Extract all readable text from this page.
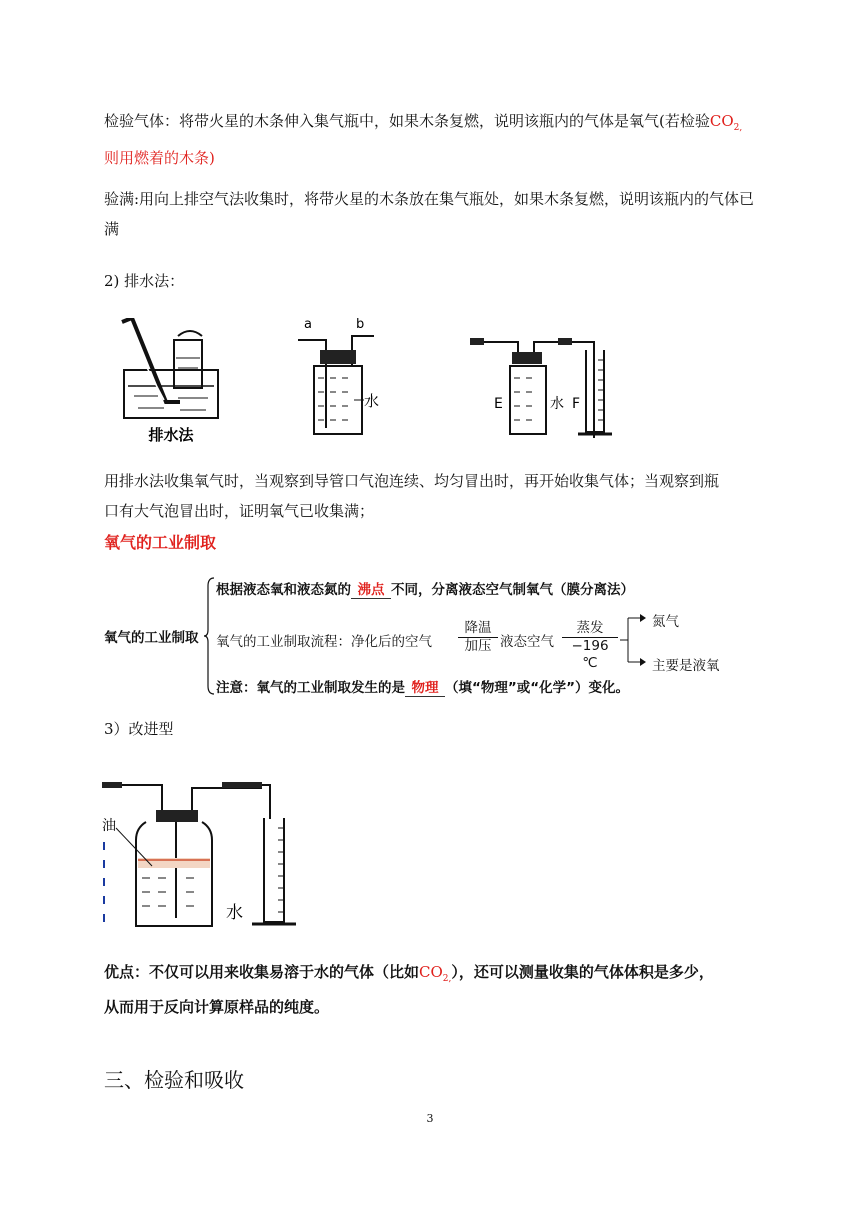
检验气体：将带火星的木条伸入集气瓶中，如果木条复燃，说明该瓶内的气体是氧气(若检验$CO_{2,}$
则用燃着的木条)
验满:用向上排空气法收集时，将带火星的木条放在集气瓶处，如果木条复燃，说明该瓶内的气体已
满
2) 排水法：
排水法
a	b
水	E	水 F
用排水法收集氧气时，当观察到导管口气泡连续、均匀冒出时，再开始收集气体；当观察到瓶
口有大气泡冒出时，证明氧气已收集满；
氧气的工业制取
氧气的工业制取
根据液态氧和液态氮的 沸点 不同，分离液态空气制氧气（膜分离法）
氧气的工业制取流程：净化后的空气
降温
加压 液态空气
蒸发
−196 ℃
氮气
主要是液氧
注意：氧气的工业制取发生的是 物理 （填“物理”或“化学”）变化。
3）改进型
油
水
优点：不仅可以用来收集易溶于水的气体（比如$CO_{2,}$），还可以测量收集的气体体积是多少，
从而用于反向计算原样品的纯度。
三、检验和吸收
3
